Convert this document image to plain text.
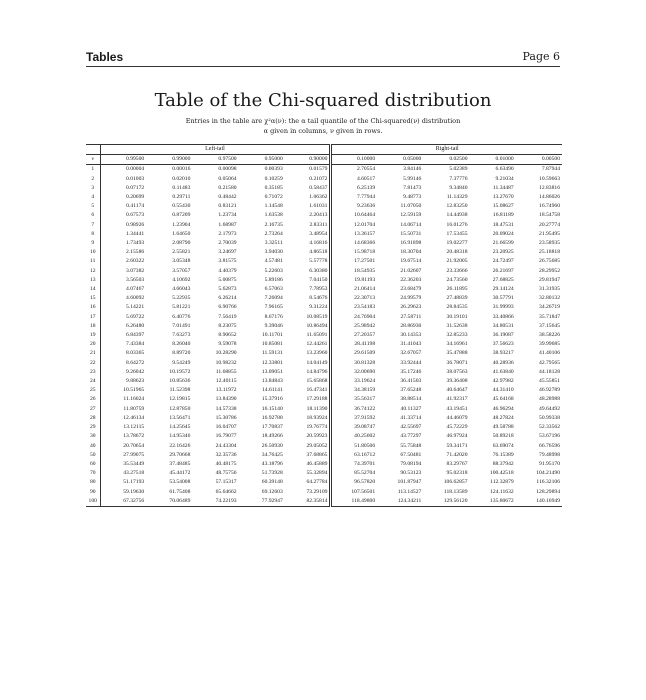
Tables	Page 6
Table of the Chi-squared distribution
Entries in the table are χ²α(ν): the α tail quantile of the Chi-squared(ν) distribution
α given in columns, ν given in rows.
	Left-tail					Right-tail				
ν	0.99500	0.99000	0.97500	0.95000	0.90000	0.10000	0.05000	0.02500	0.01000	0.00500
1	0.00004	0.00016	0.00098	0.00393	0.01579	2.70554	3.84146	5.02389	6.63490	7.87944
2	0.01003	0.02010	0.05064	0.10259	0.21072	4.60517	5.99146	7.37776	9.21034	10.59663
3	0.07172	0.11483	0.21580	0.35185	0.58437	6.25139	7.81473	9.34840	11.34487	12.83816
4	0.20699	0.29711	0.48442	0.71072	1.06362	7.77944	9.48773	11.14329	13.27670	14.86026
5	0.41174	0.55430	0.83121	1.14548	1.61031	9.23636	11.07050	12.83250	15.08627	16.74960
6	0.67573	0.87209	1.23734	1.63538	2.20413	10.64464	12.59159	14.44938	16.81189	18.54758
7	0.98926	1.23904	1.68987	2.16735	2.83311	12.01704	14.06714	16.01276	18.47531	20.27774
8	1.34441	1.64650	2.17973	2.73264	3.48954	13.36157	15.50731	17.53455	20.09024	21.95495
9	1.73493	2.08790	2.70039	3.32511	4.16816	14.68366	16.91898	19.02277	21.66599	23.58935
10	2.15586	2.55821	3.24697	3.94030	4.86518	15.98718	18.30704	20.48318	23.20925	25.18818
11	2.60322	3.05348	3.81575	4.57481	5.57778	17.27501	19.67514	21.92005	24.72497	26.75685
12	3.07382	3.57057	4.40379	5.22603	6.30380	18.54935	21.02607	23.33666	26.21697	28.29952
13	3.56503	4.10692	5.00875	5.89186	7.04150	19.81193	22.36203	24.73560	27.68825	29.81947
14	4.07467	4.66043	5.62873	6.57063	7.78953	21.06414	23.68479	26.11895	29.14124	31.31935
15	4.60092	5.22935	6.26214	7.26094	8.54676	22.30713	24.99579	27.48839	30.57791	32.80132
16	5.14221	5.81221	6.90766	7.96165	9.31224	23.54183	26.29623	28.84535	31.99993	34.26719
17	5.69722	6.40776	7.56419	8.67176	10.08519	24.76904	27.58711	30.19101	33.40866	35.71847
18	6.26480	7.01491	8.23075	9.39046	10.86494	25.98942	28.86930	31.52638	34.80531	37.15645
19	6.84397	7.63273	8.90652	10.11701	11.65091	27.20357	30.14353	32.85233	36.19087	38.58226
20	7.43384	8.26040	9.59078	10.85081	12.44261	28.41198	31.41043	34.16961	37.56623	39.99685
21	8.03365	8.89720	10.28290	11.59131	13.23960	29.61509	32.67057	35.47888	38.93217	41.40106
22	8.64272	9.54249	10.98232	12.33801	14.04149	30.81328	33.92444	36.78071	40.28936	42.79565
23	9.26042	10.19572	11.68855	13.09051	14.84796	32.00690	35.17246	38.07563	41.63840	44.18128
24	9.88623	10.85636	12.40115	13.84843	15.65868	33.19624	36.41503	39.36408	42.97982	45.55851
25	10.51965	11.52398	13.11972	14.61141	16.47341	34.38159	37.65248	40.64647	44.31410	46.92789
26	11.16024	12.19815	13.84390	15.37916	17.29188	35.56317	38.88514	41.92317	45.64168	48.28988
27	11.80759	12.87850	14.57338	16.15140	18.11390	36.74122	40.11327	43.19451	46.96294	49.64492
28	12.46134	13.56471	15.30786	16.92788	18.93924	37.91592	41.33714	44.46079	48.27824	50.99338
29	13.12115	14.25645	16.04707	17.70837	19.76774	39.08747	42.55697	45.72229	49.58788	52.33562
30	13.78672	14.95346	16.79077	18.49266	20.59923	40.25602	43.77297	46.97924	50.89218	53.67196
40	20.70654	22.16426	24.43304	26.50930	29.05052	51.80506	55.75848	59.34171	63.69074	66.76596
50	27.99075	29.70668	32.35736	34.76425	37.68865	63.16712	67.50481	71.42020	76.15389	79.48998
60	35.53449	37.48485	40.48175	43.18796	46.45889	74.39701	79.08194	83.29767	88.37942	91.95170
70	43.27518	45.44172	48.75756	51.73928	55.32894	85.52704	90.53123	95.02318	100.42518	104.21490
80	51.17193	53.54008	57.15317	60.39148	64.27784	96.57820	101.87947	106.62857	112.32879	116.32106
90	59.19630	61.75408	65.64662	69.12603	73.29109	107.56501	113.14527	118.13589	124.11632	128.29894
100	67.32756	70.06489	74.22193	77.92947	82.35814	118.49800	124.34211	129.56120	135.80672	140.16949
